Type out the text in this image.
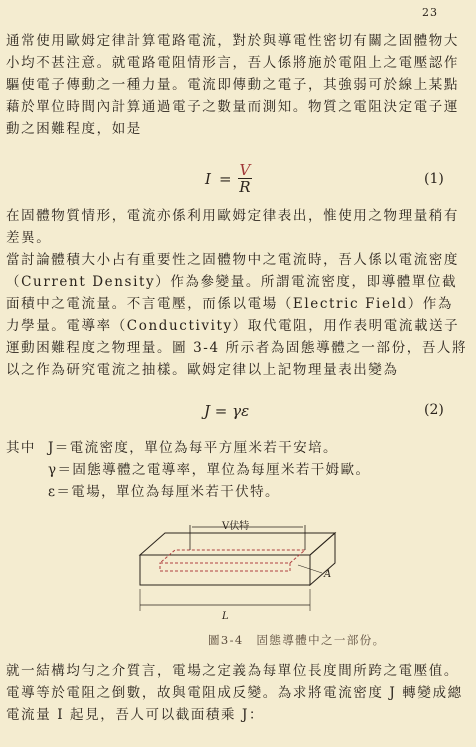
23

通常使用歐姆定律計算電路電流，對於與導電性密切有關之固體物大小均不甚注意。就電路電阻情形言，吾人係將施於電阻上之電壓認作驅使電子傳動之一種力量。電流即傳動之電子，其強弱可於線上某點藉於單位時間內計算通過電子之數量而測知。物質之電阻決定電子運動之困難程度，如是

$I = \frac{V}{R}$	(1)

在固體物質情形，電流亦係利用歐姆定律表出，惟使用之物理量稍有差異。

當討論體積大小占有重要性之固體物中之電流時，吾人係以電流密度（Current Density）作為參變量。所謂電流密度，即導體單位截面積中之電流量。不言電壓，而係以電場（Electric Field）作為力學量。電導率（Conductivity）取代電阻，用作表明電流載送子運動困難程度之物理量。圖 3-4 所示者為固態導體之一部份，吾人將以之作為研究電流之抽樣。歐姆定律以上記物理量表出變為

J = γε	(2)
其中 J＝電流密度，單位為每平方厘米若干安培。
γ＝固態導體之電導率，單位為每厘米若干姆歐。
ε＝電場，單位為每厘米若干伏特。
V伏特
L
A
圖3-4　固態導體中之一部份。

就一結構均勻之介質言，電場之定義為每單位長度間所跨之電壓值。電導等於電阻之倒數，故與電阻成反變。為求將電流密度 J 轉變成總電流量 I 起見，吾人可以截面積乘 J：
